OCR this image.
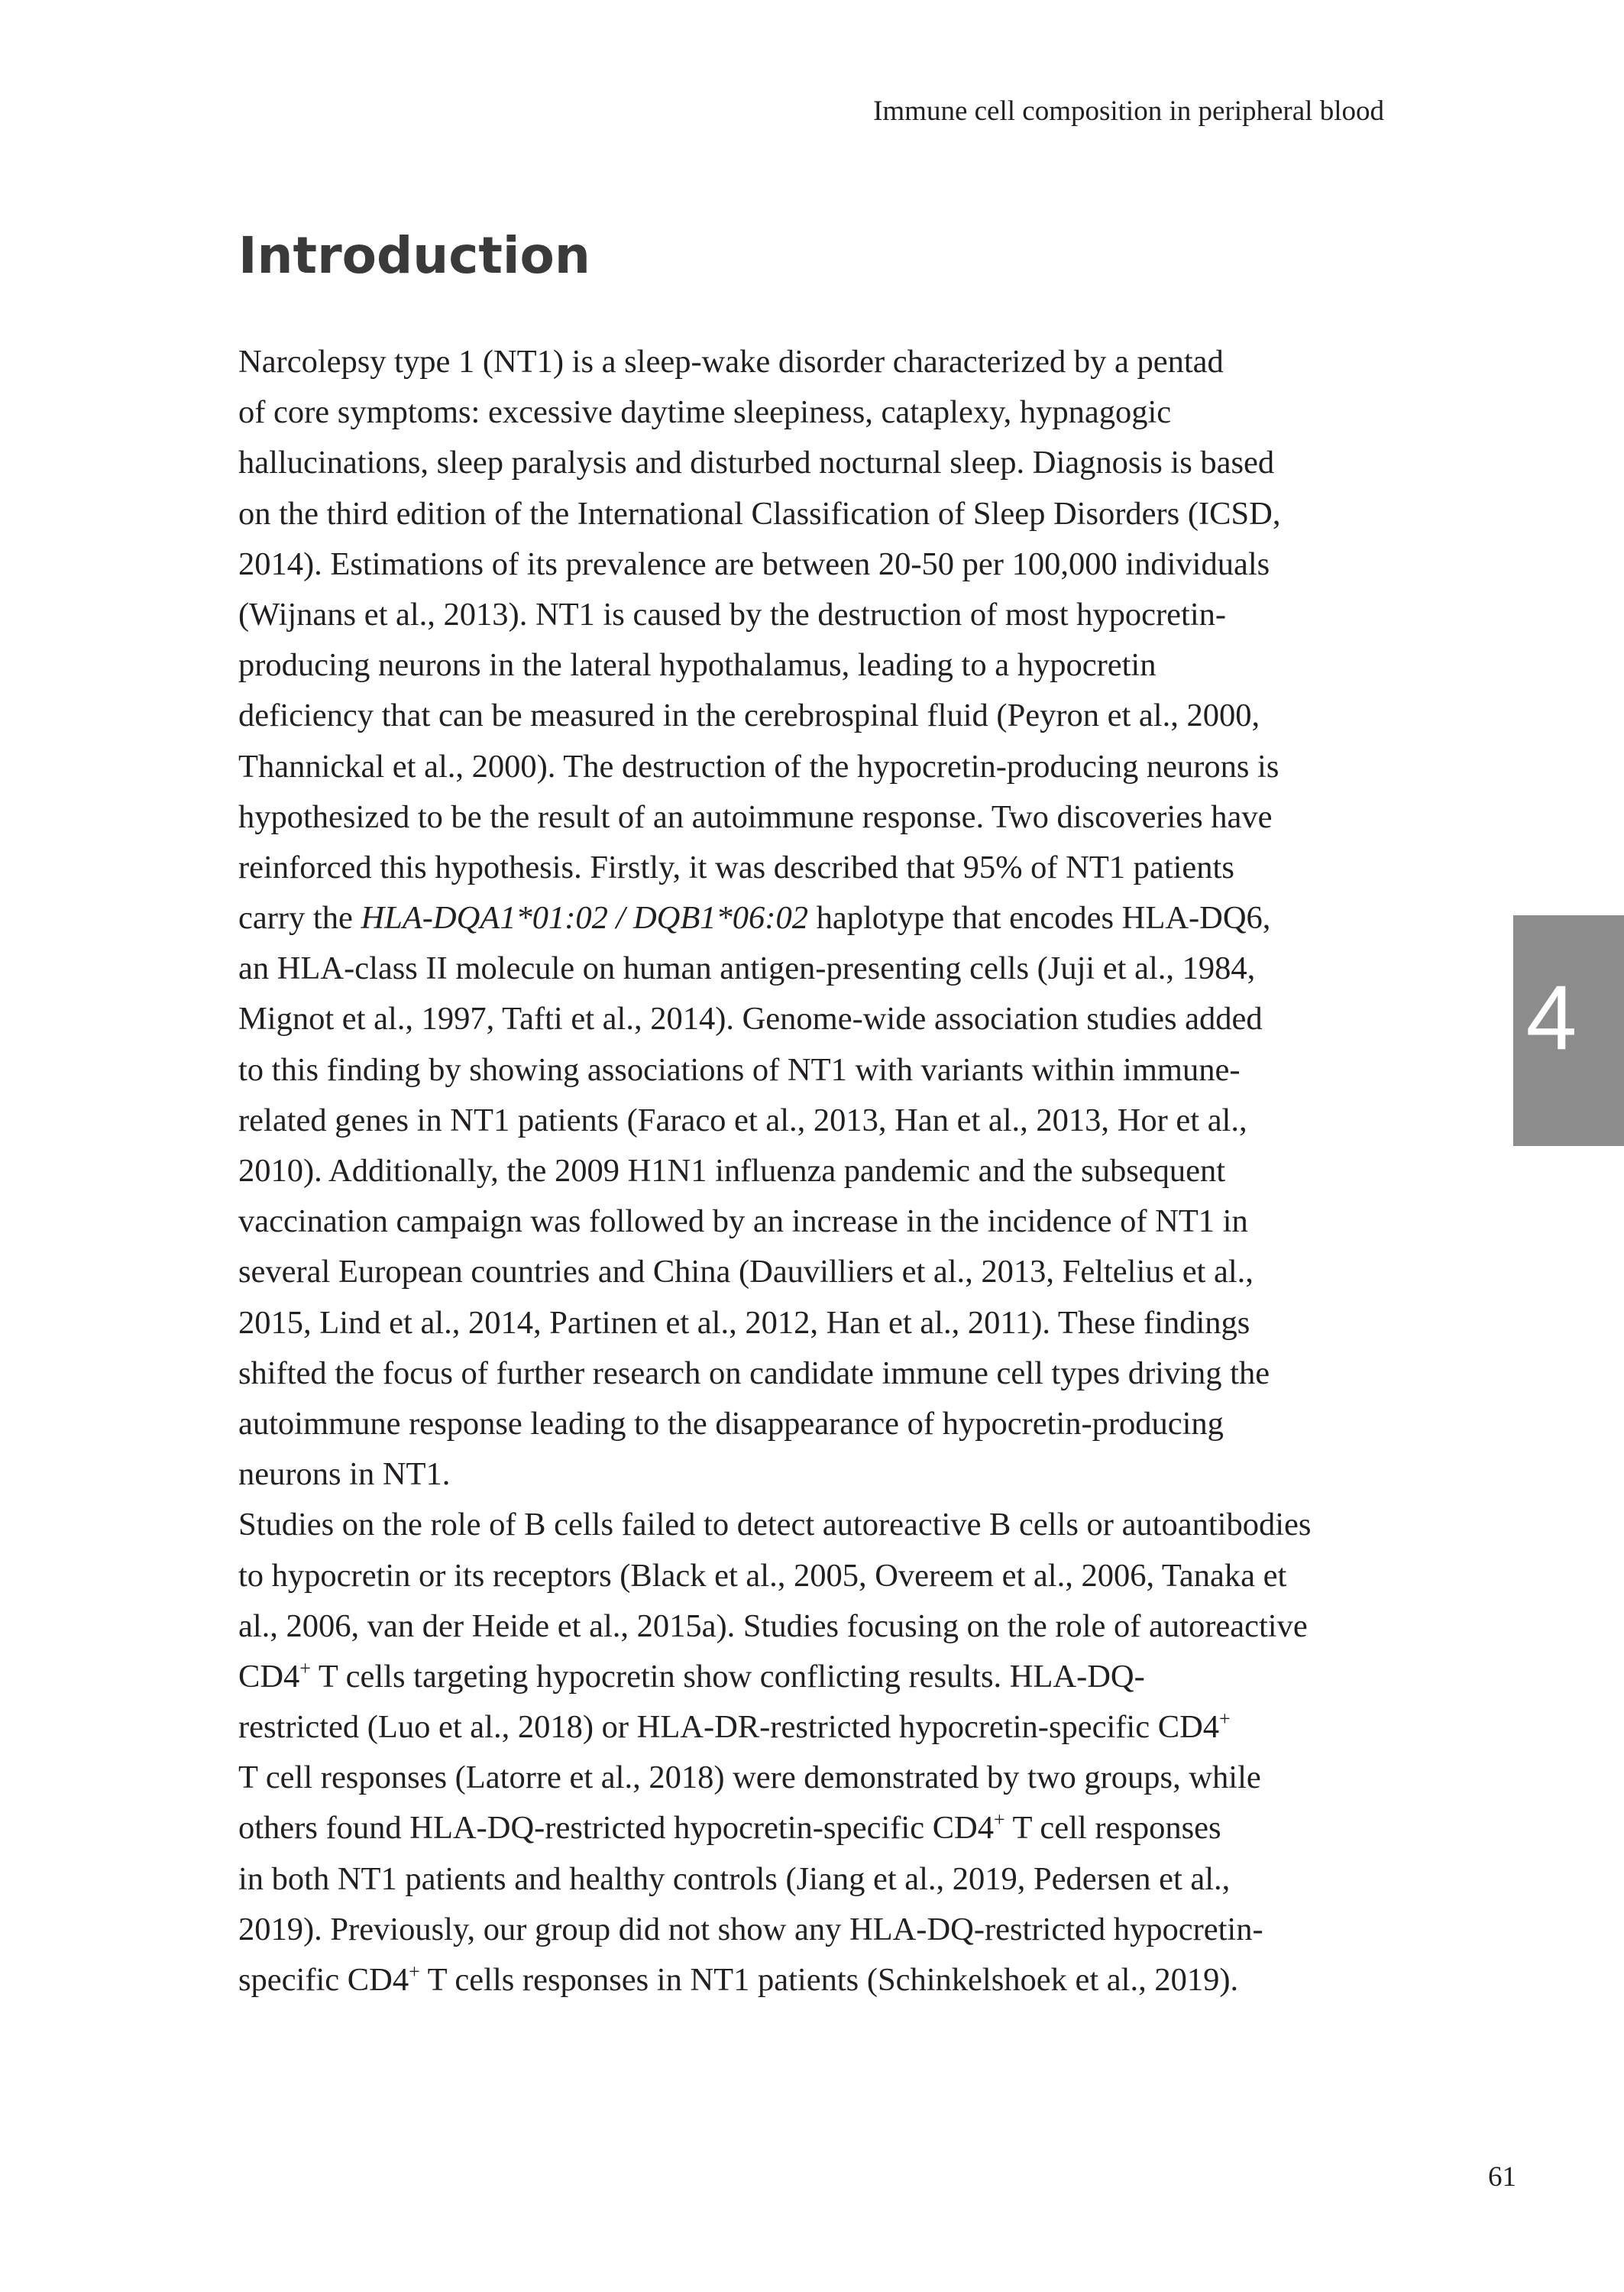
Immune cell composition in peripheral blood
4
Introduction
Narcolepsy type 1 (NT1) is a sleep-wake disorder characterized by a pentad
of core symptoms: excessive daytime sleepiness, cataplexy, hypnagogic
hallucinations, sleep paralysis and disturbed nocturnal sleep. Diagnosis is based
on the third edition of the International Classification of Sleep Disorders (ICSD,
2014). Estimations of its prevalence are between 20-50 per 100,000 individuals
(Wijnans et al., 2013). NT1 is caused by the destruction of most hypocretin-
producing neurons in the lateral hypothalamus, leading to a hypocretin
deficiency that can be measured in the cerebrospinal fluid (Peyron et al., 2000,
Thannickal et al., 2000). The destruction of the hypocretin-producing neurons is
hypothesized to be the result of an autoimmune response. Two discoveries have
reinforced this hypothesis. Firstly, it was described that 95% of NT1 patients
carry the HLA-DQA1*01:02 / DQB1*06:02 haplotype that encodes HLA-DQ6,
an HLA-class II molecule on human antigen-presenting cells (Juji et al., 1984,
Mignot et al., 1997, Tafti et al., 2014). Genome-wide association studies added
to this finding by showing associations of NT1 with variants within immune-
related genes in NT1 patients (Faraco et al., 2013, Han et al., 2013, Hor et al.,
2010). Additionally, the 2009 H1N1 influenza pandemic and the subsequent
vaccination campaign was followed by an increase in the incidence of NT1 in
several European countries and China (Dauvilliers et al., 2013, Feltelius et al.,
2015, Lind et al., 2014, Partinen et al., 2012, Han et al., 2011). These findings
shifted the focus of further research on candidate immune cell types driving the
autoimmune response leading to the disappearance of hypocretin-producing
neurons in NT1.
Studies on the role of B cells failed to detect autoreactive B cells or autoantibodies
to hypocretin or its receptors (Black et al., 2005, Overeem et al., 2006, Tanaka et
al., 2006, van der Heide et al., 2015a). Studies focusing on the role of autoreactive
CD4+ T cells targeting hypocretin show conflicting results. HLA-DQ-
restricted (Luo et al., 2018) or HLA-DR-restricted hypocretin-specific CD4+
T cell responses (Latorre et al., 2018) were demonstrated by two groups, while
others found HLA-DQ-restricted hypocretin-specific CD4+ T cell responses
in both NT1 patients and healthy controls (Jiang et al., 2019, Pedersen et al.,
2019). Previously, our group did not show any HLA-DQ-restricted hypocretin-
specific CD4+ T cells responses in NT1 patients (Schinkelshoek et al., 2019).
61
